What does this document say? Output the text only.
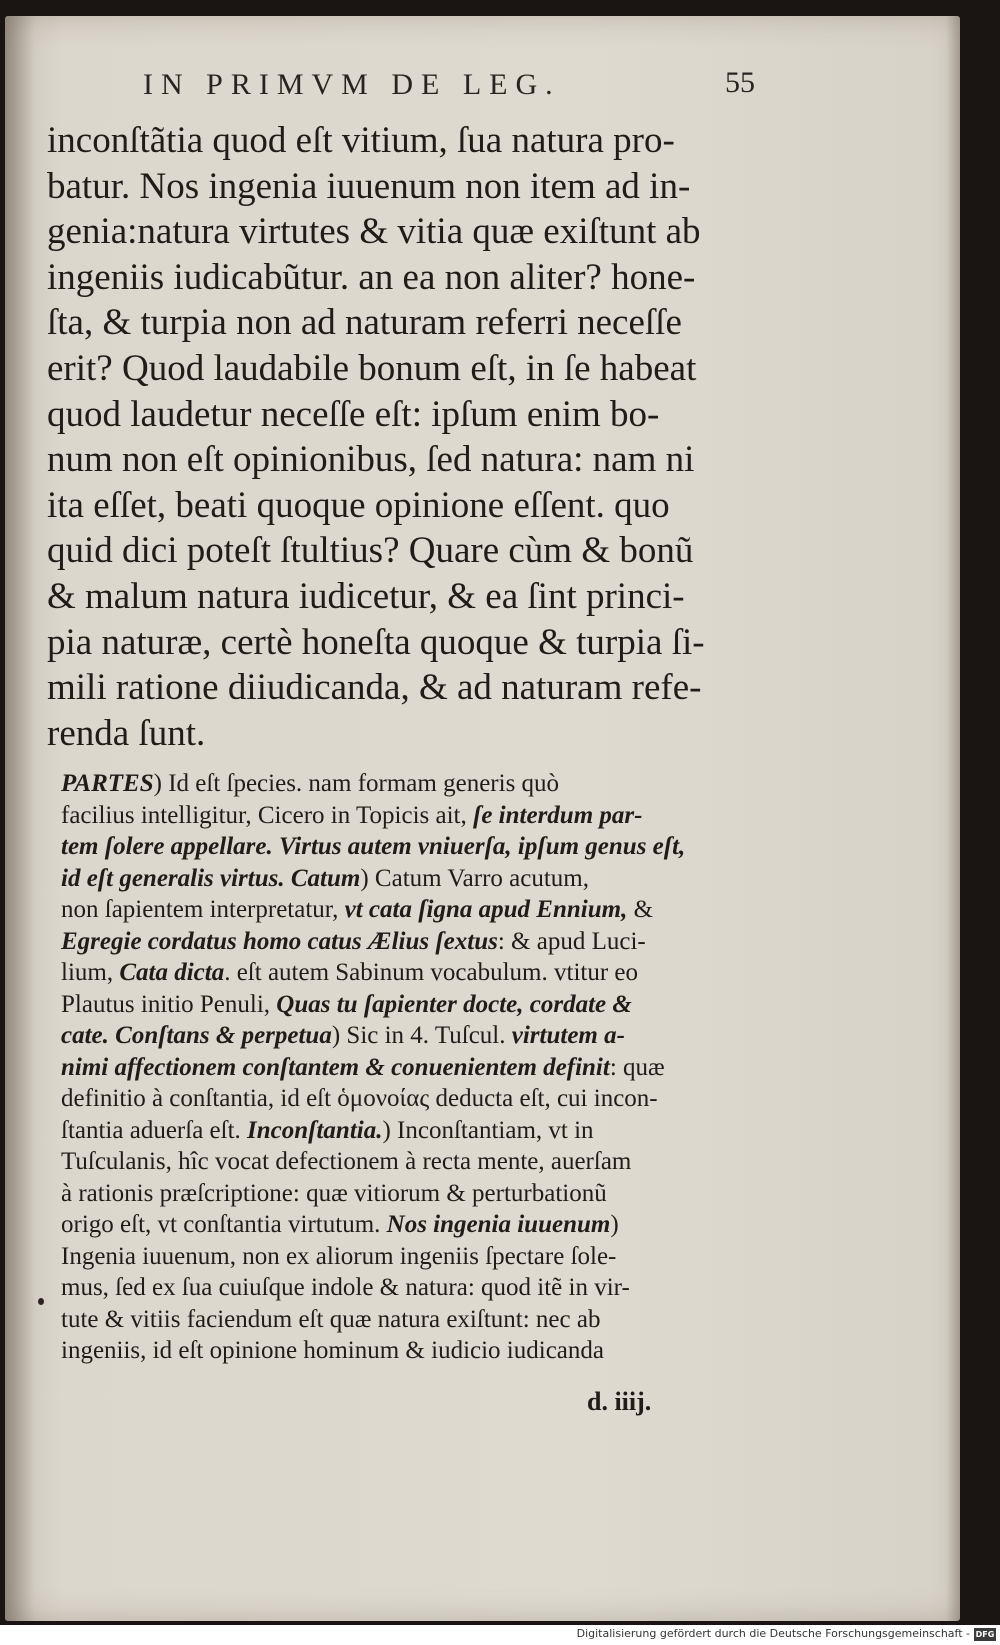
IN PRIMVM DE LEG.	55
inconſtãtia quod eſt vitium, ſua natura pro-
batur. Nos ingenia iuuenum non item ad in-
genia:natura virtutes & vitia quæ exiſtunt ab
ingeniis iudicabũtur. an ea non aliter? hone-
ſta, & turpia non ad naturam referri neceſſe
erit? Quod laudabile bonum eſt, in ſe habeat
quod laudetur neceſſe eſt: ipſum enim bo-
num non eſt opinionibus, ſed natura: nam ni
ita eſſet, beati quoque opinione eſſent. quo
quid dici poteſt ſtultius? Quare cùm & bonũ
& malum natura iudicetur, & ea ſint princi-
pia naturæ, certè honeſta quoque & turpia ſi-
mili ratione diiudicanda, & ad naturam refe-
renda ſunt.
PARTES) Id eſt ſpecies. nam formam generis quò
facilius intelligitur, Cicero in Topicis ait, ſe interdum par-
tem ſolere appellare. Virtus autem vniuerſa, ipſum genus eſt,
id eſt generalis virtus. Catum) Catum Varro acutum,
non ſapientem interpretatur, vt cata ſigna apud Ennium, &
Egregie cordatus homo catus Ælius ſextus: & apud Luci-
lium, Cata dicta. eſt autem Sabinum vocabulum. vtitur eo
Plautus initio Penuli, Quas tu ſapienter docte, cordate &
cate. Conſtans & perpetua) Sic in 4. Tuſcul. virtutem a-
nimi affectionem conſtantem & conuenientem definit: quæ
definitio à conſtantia, id eſt ὁμονοίας deducta eſt, cui incon-
ſtantia aduerſa eſt. Inconſtantia.) Inconſtantiam, vt in
Tuſculanis, hîc vocat defectionem à recta mente, auerſam
à rationis præſcriptione: quæ vitiorum & perturbationũ
origo eſt, vt conſtantia virtutum. Nos ingenia iuuenum)
Ingenia iuuenum, non ex aliorum ingeniis ſpectare ſole-
mus, ſed ex ſua cuiuſque indole & natura: quod itẽ in vir-
tute & vitiis faciendum eſt quæ natura exiſtunt: nec ab
ingeniis, id eſt opinione hominum & iudicio iudicanda
d. iiij.
Digitalisierung gefördert durch die Deutsche Forschungsgemeinschaft - DFG
